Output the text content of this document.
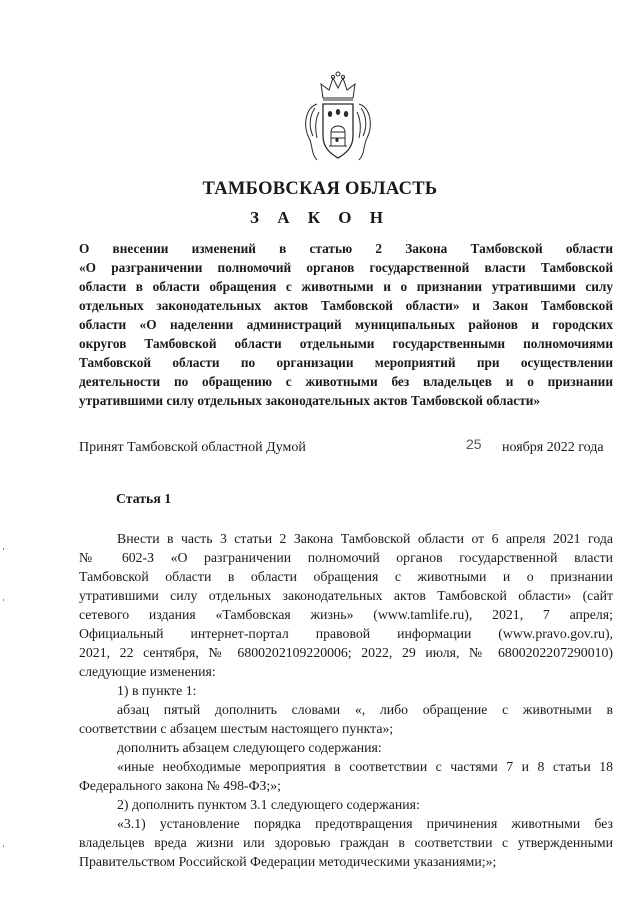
ТАМБОВСКАЯ ОБЛАСТЬ
З А К О Н

О внесении изменений в статью 2 Закона Тамбовской области

«О разграничении полномочий органов государственной власти Тамбовской

области в области обращения с животными и о признании утратившими силу

отдельных законодательных актов Тамбовской области» и Закон Тамбовской

области «О наделении администраций муниципальных районов и городских

округов Тамбовской области отдельными государственными полномочиями

Тамбовской области по организации мероприятий при осуществлении

деятельности по обращению с животными без владельцев и о признании

утратившими силу отдельных законодательных актов Тамбовской области»

Принят Тамбовской областной Думой	25 ноября 2022 года
Статья 1

Внести в часть 3 статьи 2 Закона Тамбовской области от 6 апреля 2021 года

№ 602-З «О разграничении полномочий органов государственной власти

Тамбовской области в области обращения с животными и о признании

утратившими силу отдельных законодательных актов Тамбовской области» (сайт

сетевого издания «Тамбовская жизнь» (www.tamlife.ru), 2021, 7 апреля;

Официальный интернет-портал правовой информации (www.pravo.gov.ru),

2021, 22 сентября, № 6800202109220006; 2022, 29 июля, № 6800202207290010)

следующие изменения:

1) в пункте 1:

абзац пятый дополнить словами «, либо обращение с животными в

соответствии с абзацем шестым настоящего пункта»;

дополнить абзацем следующего содержания:

«иные необходимые мероприятия в соответствии с частями 7 и 8 статьи 18

Федерального закона № 498-ФЗ;»;

2) дополнить пунктом 3.1 следующего содержания:

«3.1) установление порядка предотвращения причинения животными без

владельцев вреда жизни или здоровью граждан в соответствии с утвержденными

Правительством Российской Федерации методическими указаниями;»;
